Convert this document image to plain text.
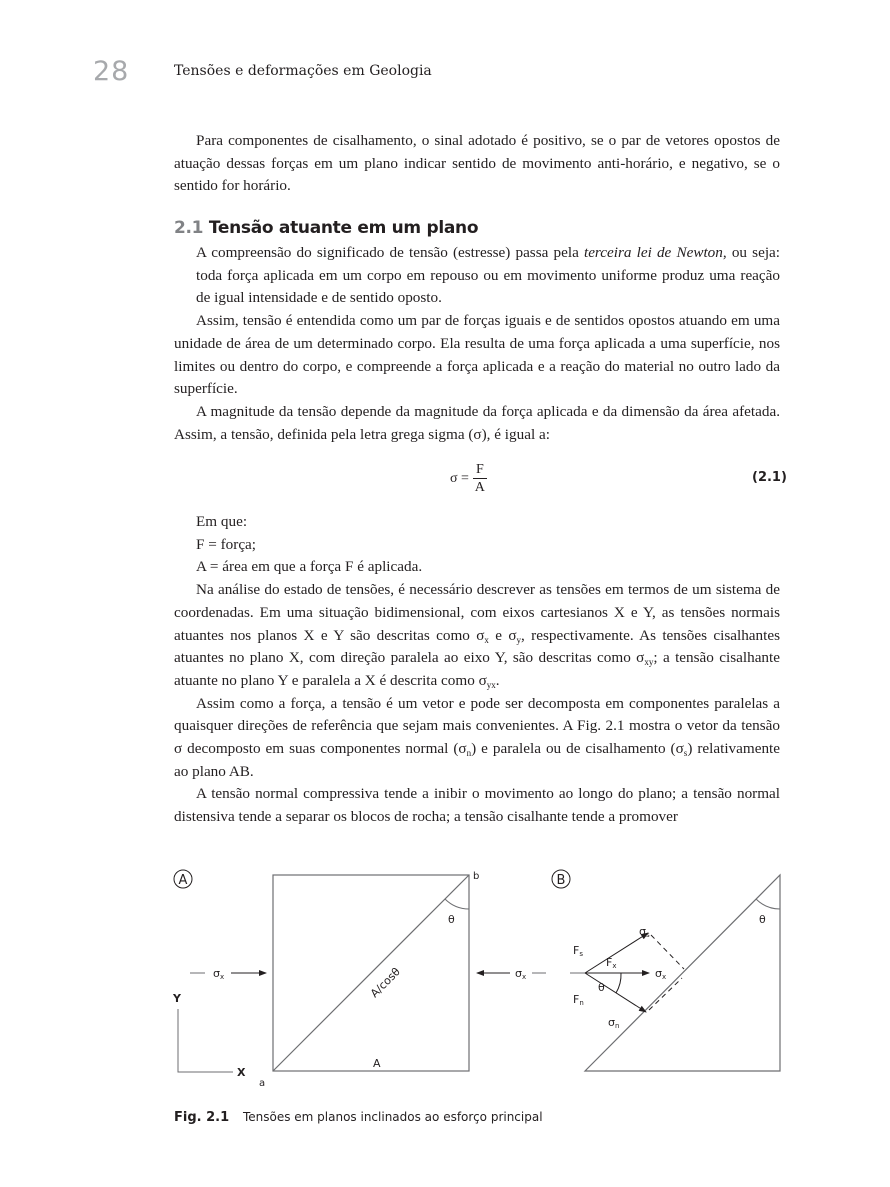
28	Tensões e deformações em Geologia

Para componentes de cisalhamento, o sinal adotado é positivo, se o par de vetores opostos de atuação dessas forças em um plano indicar sentido de movimento anti-horário, e negativo, se o sentido for horário.

2.1 Tensão atuante em um plano

A compreensão do significado de tensão (estresse) passa pela terceira lei de Newton, ou seja: toda força aplicada em um corpo em repouso ou em movimento uniforme produz uma reação de igual intensidade e de sentido oposto.

Assim, tensão é entendida como um par de forças iguais e de sentidos opostos atuando em uma unidade de área de um determinado corpo. Ela resulta de uma força aplicada a uma superfície, nos limites ou dentro do corpo, e compreende a força aplicada e a reação do material no outro lado da superfície.

A magnitude da tensão depende da magnitude da força aplicada e da dimensão da área afetada. Assim, a tensão, definida pela letra grega sigma (σ), é igual a:

$\sigma = \frac{F}{A}$	(2.1)

Em que:

F = força;

A = área em que a força F é aplicada.

Na análise do estado de tensões, é necessário descrever as tensões em termos de um sistema de coordenadas. Em uma situação bidimensional, com eixos cartesianos X e Y, as tensões normais atuantes nos planos X e Y são descritas como $\sigma_x$ e $\sigma_y$, respectivamente. As tensões cisalhantes atuantes no plano X, com direção paralela ao eixo Y, são descritas como $\sigma_{xy}$; a tensão cisalhante atuante no plano Y e paralela a X é descrita como $\sigma_{yx}$.

Assim como a força, a tensão é um vetor e pode ser decomposta em componentes paralelas a quaisquer direções de referência que sejam mais convenientes. A Fig. 2.1 mostra o vetor da tensão σ decomposto em suas componentes normal $(\sigma_n)$ e paralela ou de cisalhamento $(\sigma_s)$ relativamente ao plano AB.

A tensão normal compressiva tende a inibir o movimento ao longo do plano; a tensão normal distensiva tende a separar os blocos de rocha; a tensão cisalhante tende a promover

A
θ
b
a
A/cosθ
A
σx	σx
Y
X
B
θ
θ
σs
σx
σn
Fs
Fx
Fn
Fig. 2.1 Tensões em planos inclinados ao esforço principal
